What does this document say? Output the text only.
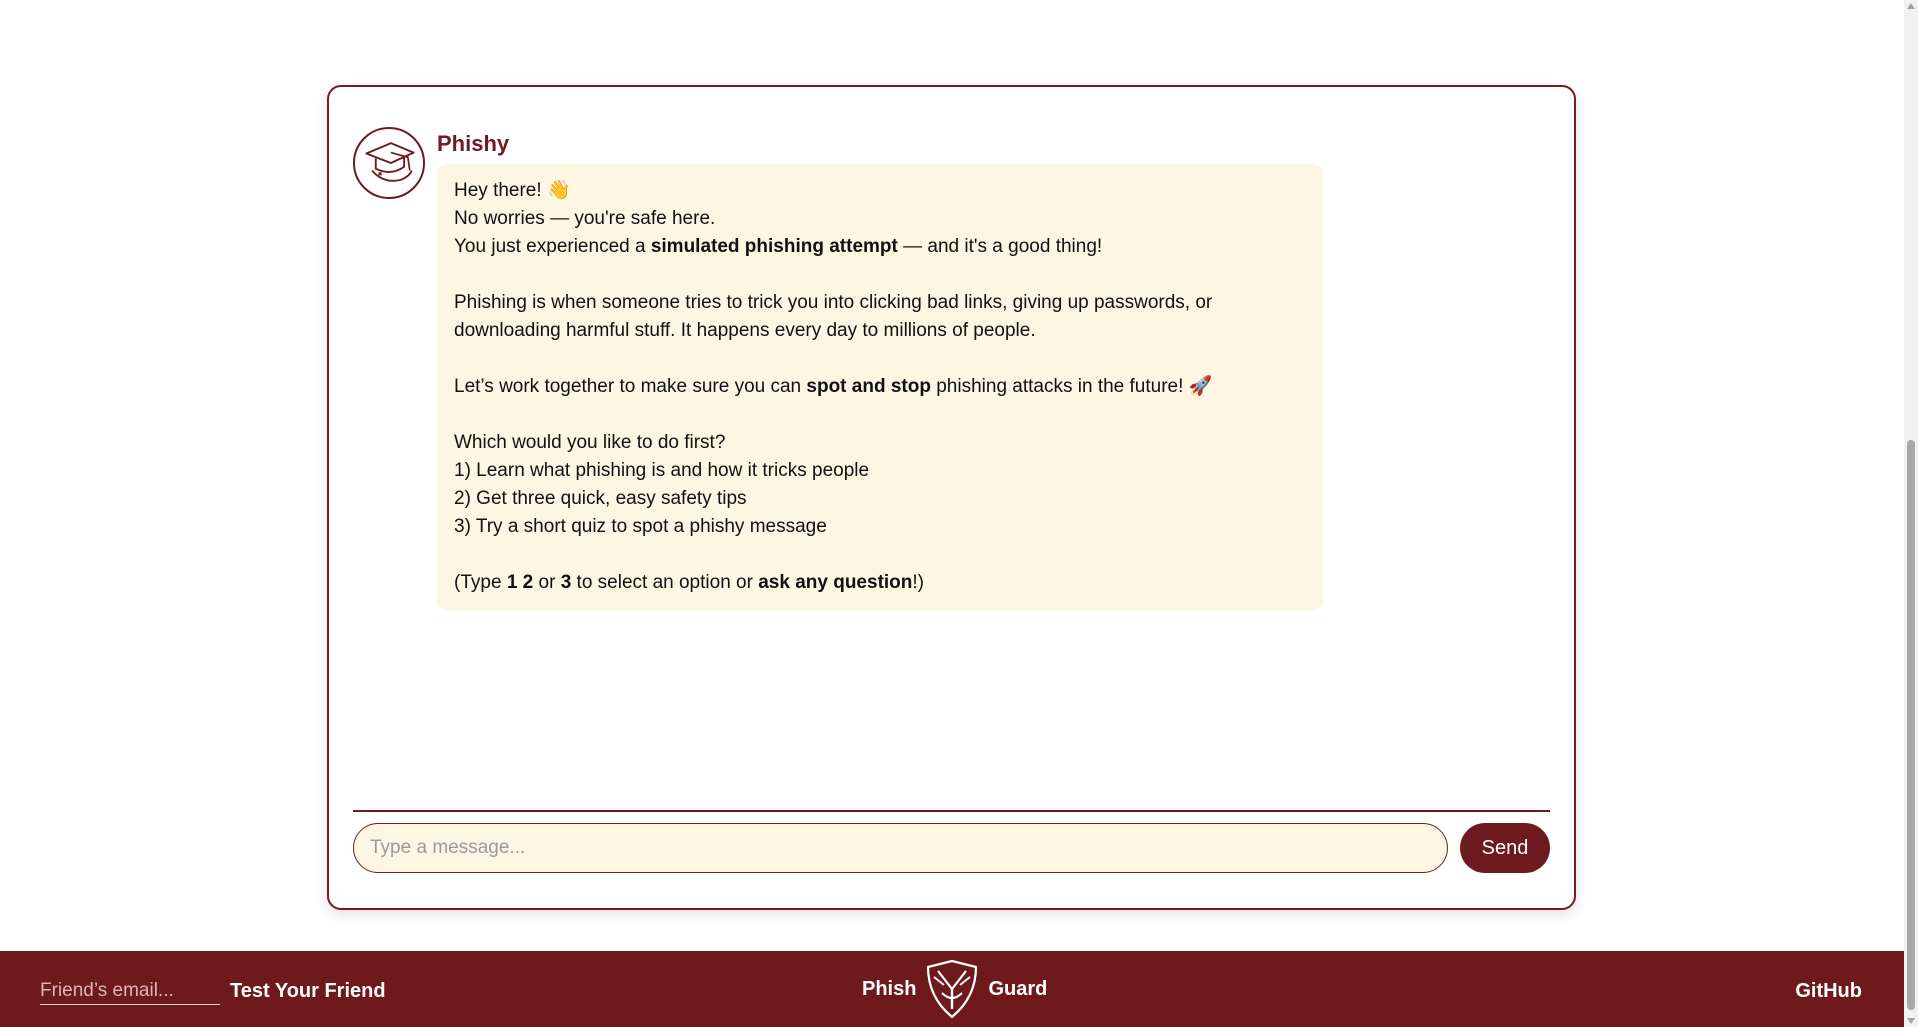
Phishy

Hey there! 👋

No worries — you're safe here.

You just experienced a simulated phishing attempt — and it's a good thing!

Phishing is when someone tries to trick you into clicking bad links, giving up passwords, or downloading harmful stuff. It happens every day to millions of people.

Let’s work together to make sure you can spot and stop phishing attacks in the future! 🚀

Which would you like to do first?

1) Learn what phishing is and how it tricks people

2) Get three quick, easy safety tips

3) Try a short quiz to spot a phishy message

(Type 1 2 or 3 to select an option or ask any question!)

Type a message...
Send
Friend’s email...
Test Your Friend	Phish	Guard	GitHub
